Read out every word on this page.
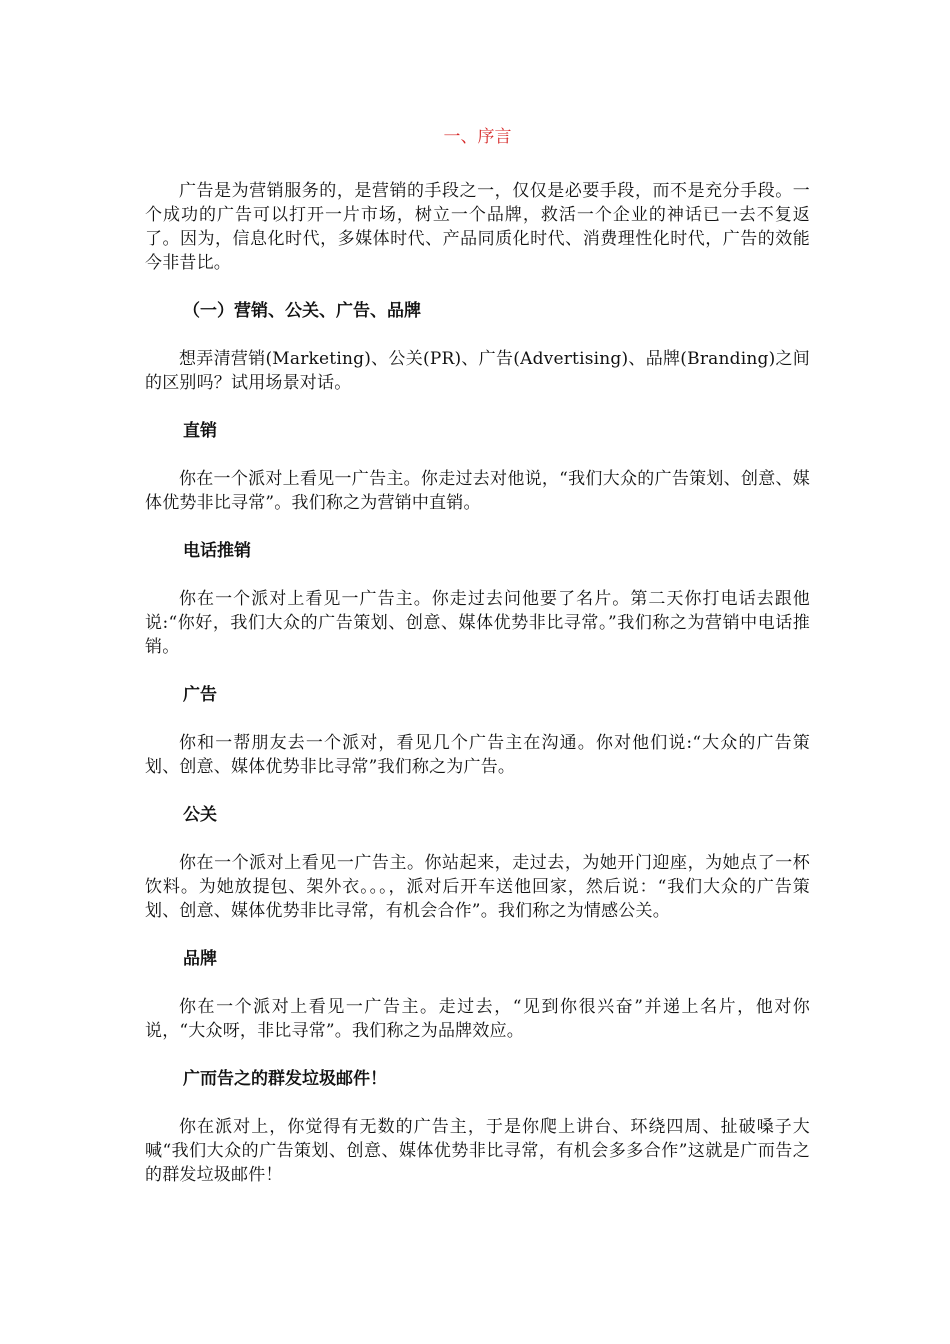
一、序言

广告是为营销服务的，是营销的手段之一，仅仅是必要手段，而不是充分手段。一个成功的广告可以打开一片市场，树立一个品牌，救活一个企业的神话已一去不复返了。因为，信息化时代，多媒体时代、产品同质化时代、消费理性化时代，广告的效能今非昔比。

（一）营销、公关、广告、品牌

想弄清营销(Marketing)、公关(PR)、广告(Advertising)、品牌(Branding)之间的区别吗？试用场景对话。

直销

你在一个派对上看见一广告主。你走过去对他说，“我们大众的广告策划、创意、媒体优势非比寻常”。我们称之为营销中直销。

电话推销

你在一个派对上看见一广告主。你走过去问他要了名片。第二天你打电话去跟他说:“你好，我们大众的广告策划、创意、媒体优势非比寻常。”我们称之为营销中电话推销。

广告

你和一帮朋友去一个派对，看见几个广告主在沟通。你对他们说:“大众的广告策划、创意、媒体优势非比寻常”我们称之为广告。

公关

你在一个派对上看见一广告主。你站起来，走过去，为她开门迎座，为她点了一杯饮料。为她放提包、架外衣。。。，派对后开车送他回家，然后说：“我们大众的广告策划、创意、媒体优势非比寻常，有机会合作”。我们称之为情感公关。

品牌

你在一个派对上看见一广告主。走过去，“见到你很兴奋”并递上名片，他对你说，“大众呀，非比寻常”。我们称之为品牌效应。

广而告之的群发垃圾邮件！

你在派对上，你觉得有无数的广告主，于是你爬上讲台、环绕四周、扯破嗓子大喊“我们大众的广告策划、创意、媒体优势非比寻常，有机会多多合作”这就是广而告之的群发垃圾邮件！
